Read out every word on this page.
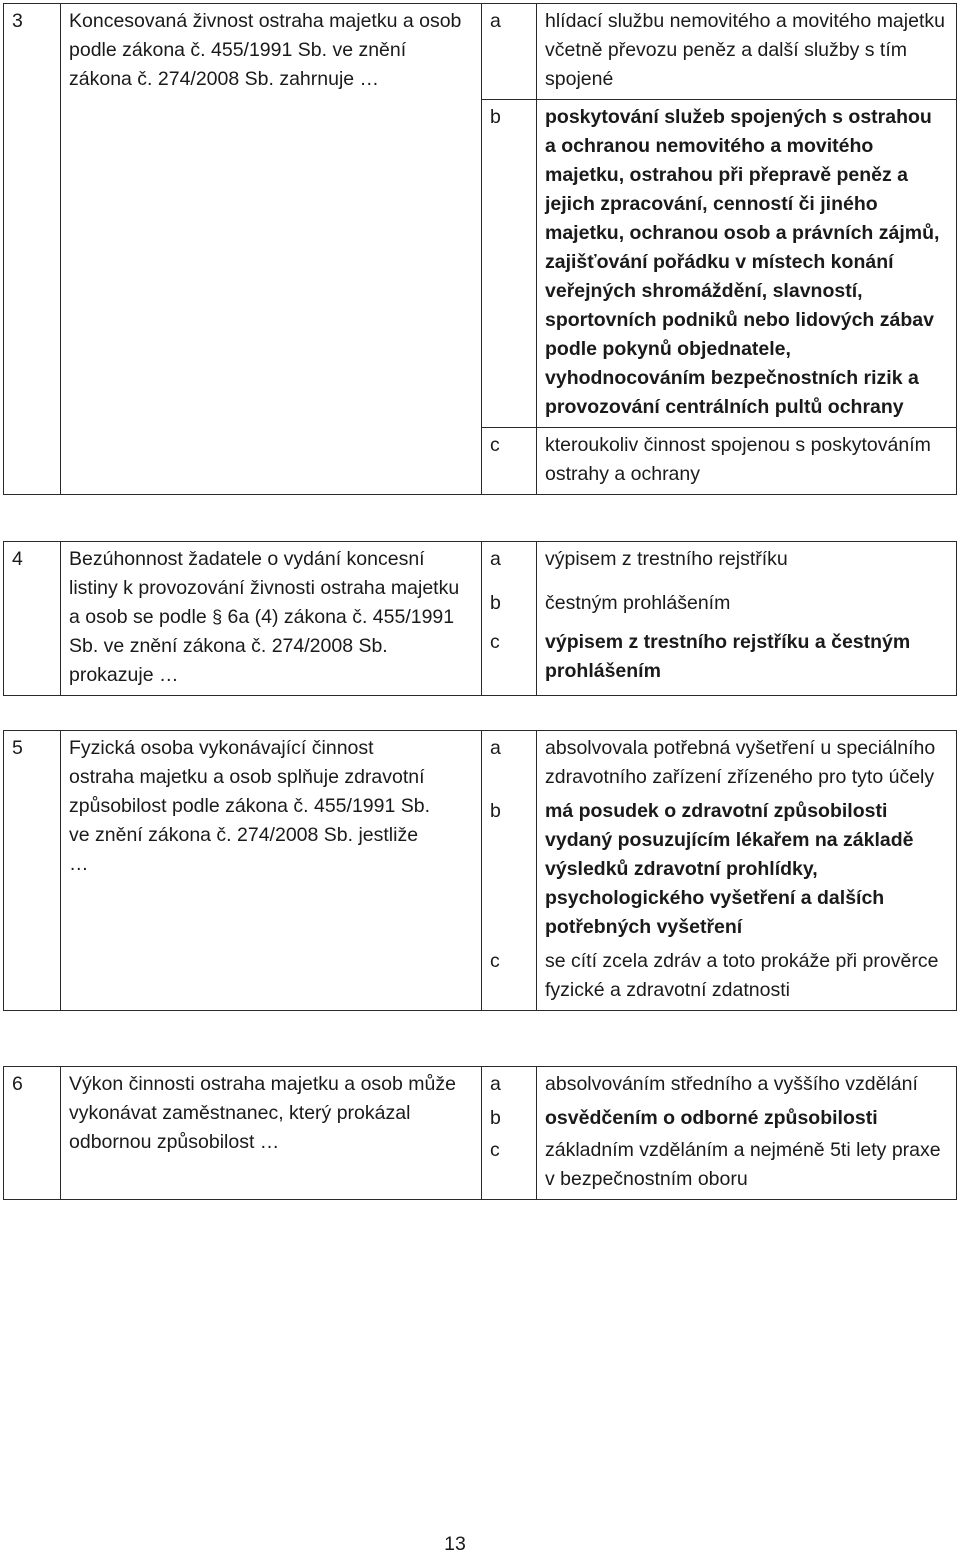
3	Koncesovaná živnost ostraha majetku a osob podle zákona č. 455/1991 Sb. ve znění zákona č. 274/2008 Sb. zahrnuje …	a	hlídací službu nemovitého a movitého majetku včetně převozu peněz a další služby s tím spojené
		b	poskytování služeb spojených s ostrahou a ochranou nemovitého a movitého majetku, ostrahou při přepravě peněz a jejich zpracování, cenností či jiného majetku, ochranou osob a právních zájmů, zajišťování pořádku v místech konání veřejných shromáždění, slavností, sportovních podniků nebo lidových zábav podle pokynů objednatele, vyhodnocováním bezpečnostních rizik a provozování centrálních pultů ochrany
		c	kteroukoliv činnost spojenou s poskytováním ostrahy a ochrany
4	Bezúhonnost žadatele o vydání koncesní listiny k provozování živnosti ostraha majetku a osob se podle § 6a (4) zákona č. 455/1991 Sb. ve znění zákona č. 274/2008 Sb. prokazuje …	a	výpisem z trestního rejstříku
		b	čestným prohlášením
		c	výpisem z trestního rejstříku a čestným prohlášením
5	Fyzická osoba vykonávající činnost ostraha majetku a osob splňuje zdravotní způsobilost podle zákona č. 455/1991 Sb. ve znění zákona č. 274/2008 Sb. jestliže …	a	absolvovala potřebná vyšetření u speciálního zdravotního zařízení zřízeného pro tyto účely
		b	má posudek o zdravotní způsobilosti vydaný posuzujícím lékařem na základě výsledků zdravotní prohlídky, psychologického vyšetření a dalších potřebných vyšetření
		c	se cítí zcela zdráv a toto prokáže při prověrce fyzické a zdravotní zdatnosti
6	Výkon činnosti ostraha majetku a osob může vykonávat zaměstnanec, který prokázal odbornou způsobilost …	a	absolvováním středního a vyššího vzdělání
		b	osvědčením o odborné způsobilosti
		c	základním vzděláním a nejméně 5ti lety praxe v bezpečnostním oboru
13
